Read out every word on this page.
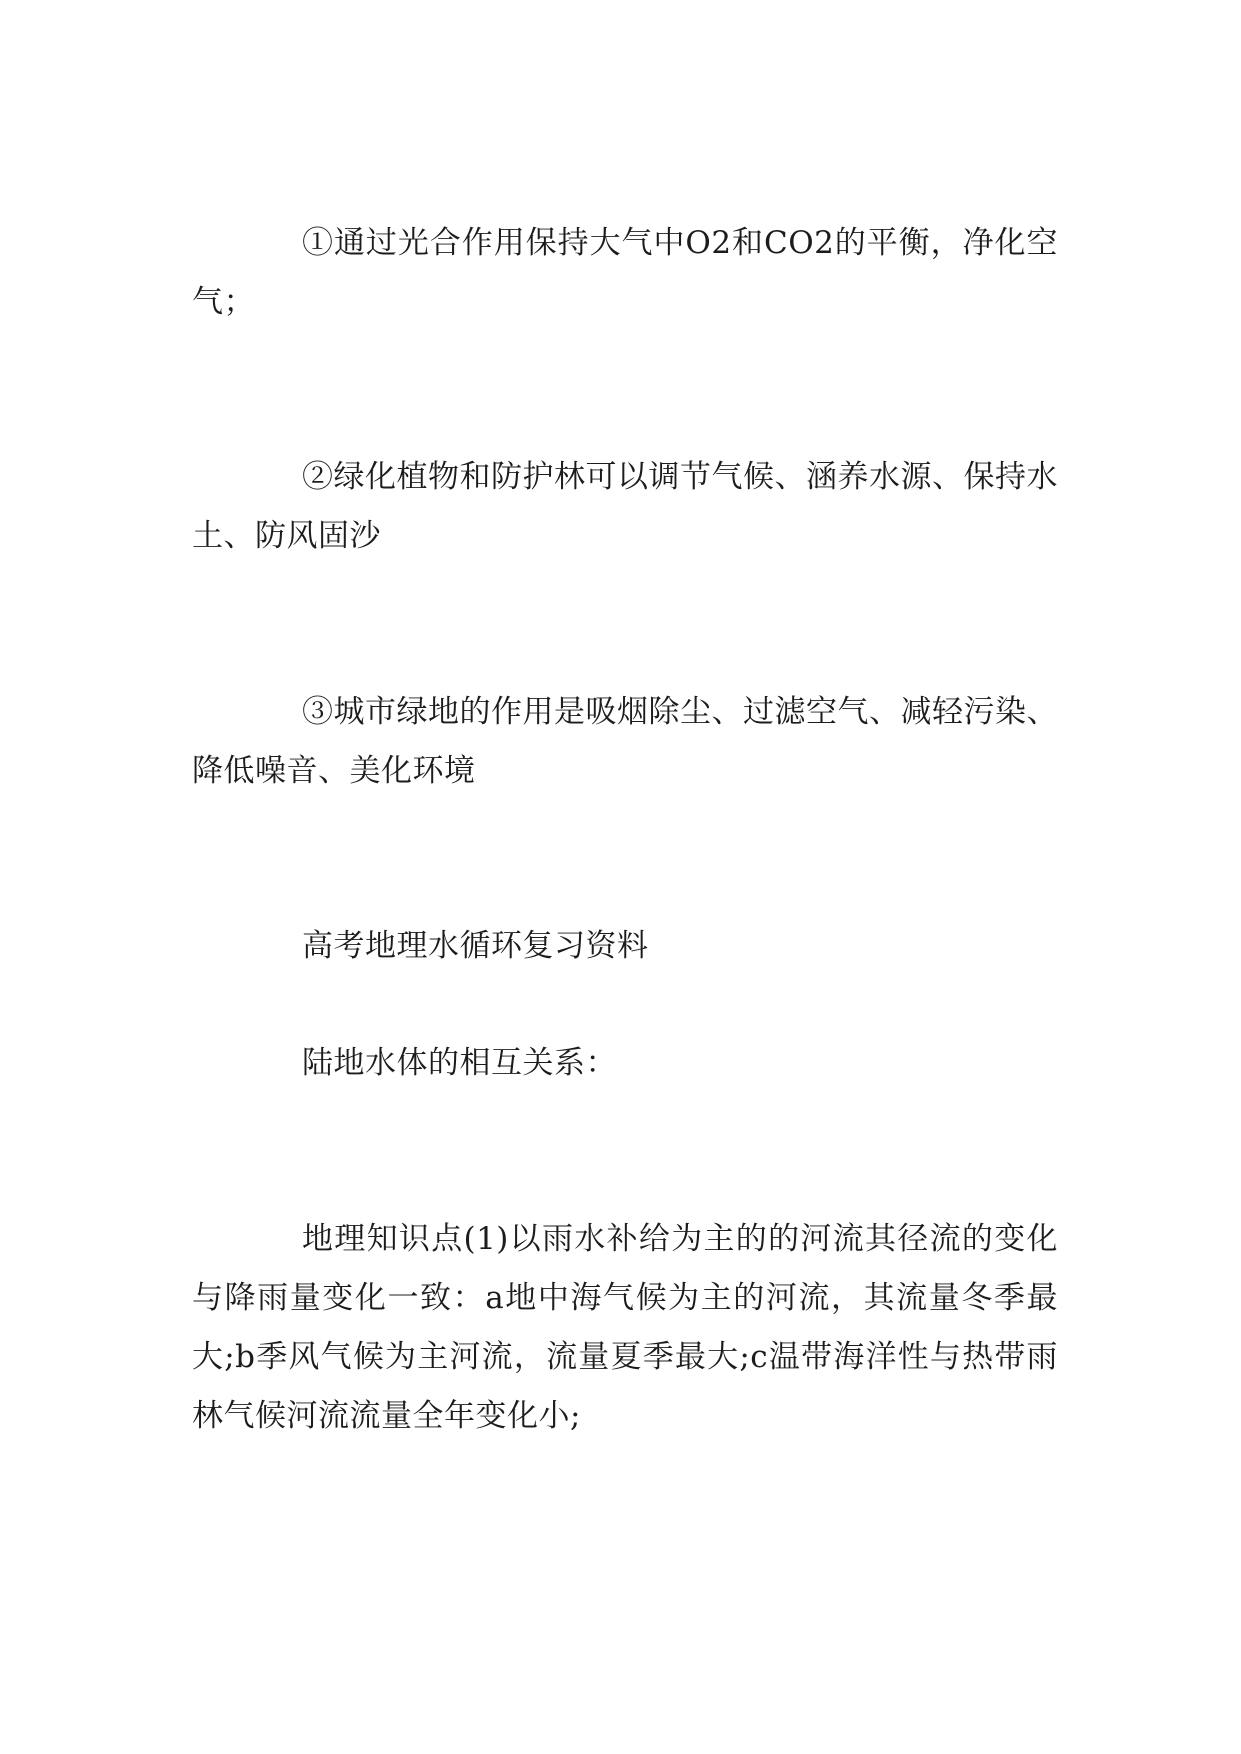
①通过光合作用保持大气中O2和CO2的平衡，净化空气；

②绿化植物和防护林可以调节气候、涵养水源、保持水土、防风固沙

③城市绿地的作用是吸烟除尘、过滤空气、减轻污染、降低噪音、美化环境

高考地理水循环复习资料

陆地水体的相互关系：

地理知识点(1)以雨水补给为主的的河流其径流的变化与降雨量变化一致：a地中海气候为主的河流，其流量冬季最大;b季风气候为主河流，流量夏季最大;c温带海洋性与热带雨林气候河流流量全年变化小;
